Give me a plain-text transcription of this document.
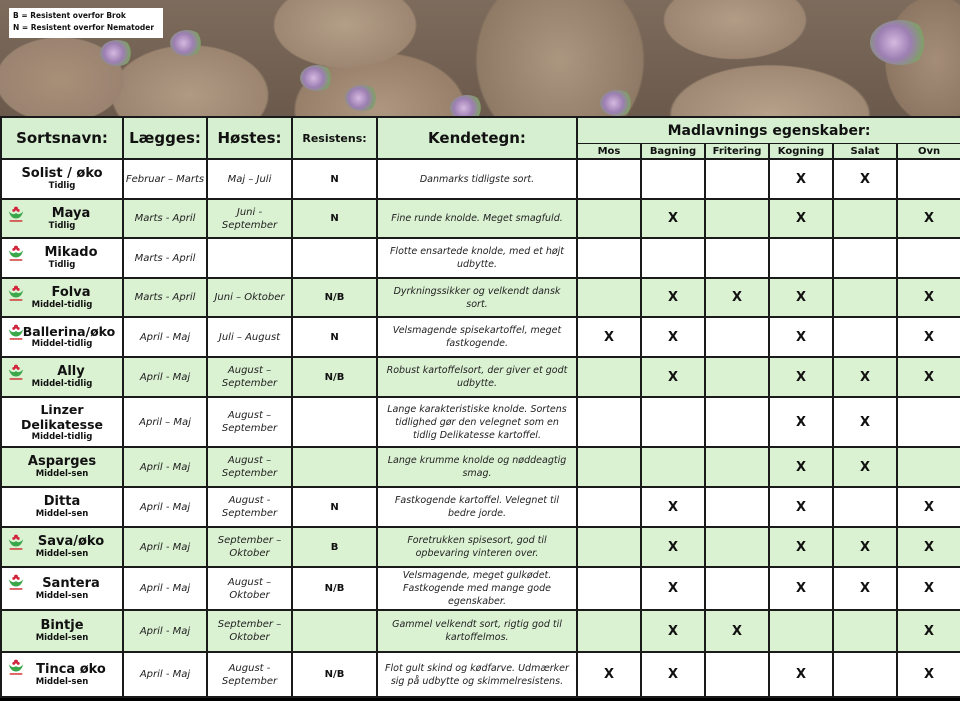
B = Resistent overfor Brok
N = Resistent overfor Nematoder
Sortsnavn:	Lægges:	Høstes:	Resistens:	Kendetegn:	Madlavnings egenskaber:					
					Mos	Bagning	Fritering	Kogning	Salat	Ovn

Solist / øko
Tidlig	Februar – Marts	Maj – Juli	N	Danmarks tidligste sort.				X	X	

Maya
Tidlig	Marts - April	Juni - September	N	Fine runde knolde. Meget smagfuld.		X		X		X

Mikado
Tidlig	Marts - April			Flotte ensartede knolde, med et højt udbytte.						

Folva
Middel-tidlig	Marts - April	Juni – Oktober	N/B	Dyrkningssikker og velkendt dansk sort.		X	X	X		X

Ballerina/øko
Middel-tidlig	April - Maj	Juli – August	N	Velsmagende spisekartoffel, meget fastkogende.	X	X		X		X

Ally
Middel-tidlig	April - Maj	August – September	N/B	Robust kartoffelsort, der giver et godt udbytte.		X		X	X	X

Linzer Delikatesse
Middel-tidlig	April – Maj	August – September		Lange karakteristiske knolde. Sortens tidlighed gør den velegnet som en tidlig Delikatesse kartoffel.				X	X	

Asparges
Middel-sen	April - Maj	August – September		Lange krumme knolde og nøddeagtig smag.				X	X	

Ditta
Middel-sen	April - Maj	August - September	N	Fastkogende kartoffel. Velegnet til bedre jorde.		X		X		X

Sava/øko
Middel-sen	April - Maj	September – Oktober	B	Foretrukken spisesort, god til opbevaring vinteren over.		X		X	X	X

Santera
Middel-sen	April - Maj	August – Oktober	N/B	Velsmagende, meget gulkødet. Fastkogende med mange gode egenskaber.		X		X	X	X

Bintje
Middel-sen	April - Maj	September – Oktober		Gammel velkendt sort, rigtig god til kartoffelmos.		X	X			X

Tinca øko
Middel-sen	April - Maj	August - September	N/B	Flot gult skind og kødfarve. Udmærker sig på udbytte og skimmelresistens.	X	X		X		X
